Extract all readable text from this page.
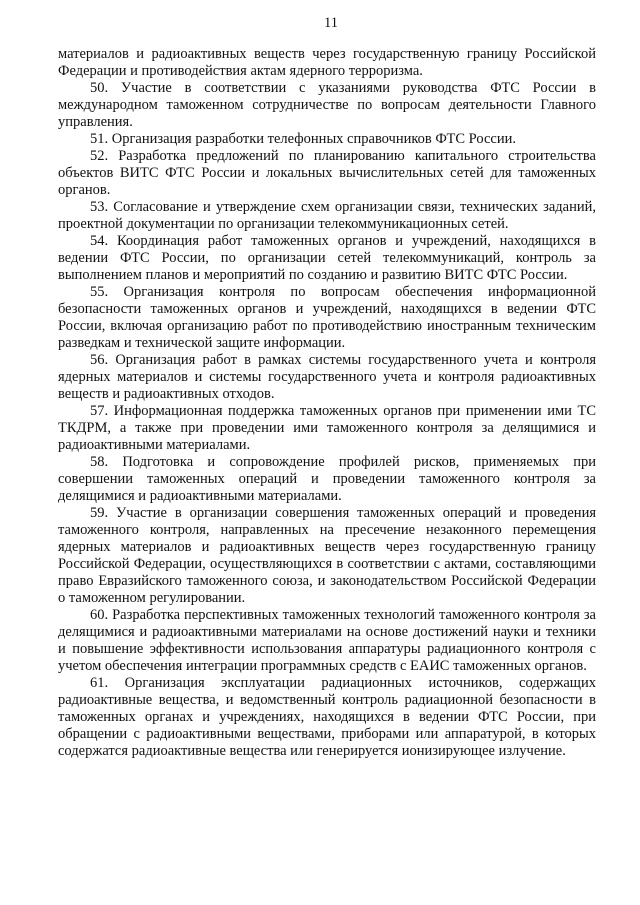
11

материалов и радиоактивных веществ через государственную границу Российской Федерации и противодействия актам ядерного терроризма.

50. Участие в соответствии с указаниями руководства ФТС России в международном таможенном сотрудничестве по вопросам деятельности Главного управления.

51. Организация разработки телефонных справочников ФТС России.

52. Разработка предложений по планированию капитального строительства объектов ВИТС ФТС России и локальных вычислительных сетей для таможенных органов.

53. Согласование и утверждение схем организации связи, технических заданий, проектной документации по организации телекоммуникационных сетей.

54. Координация работ таможенных органов и учреждений, находящихся в ведении ФТС России, по организации сетей телекоммуникаций, контроль за выполнением планов и мероприятий по созданию и развитию ВИТС ФТС России.

55. Организация контроля по вопросам обеспечения информационной безопасности таможенных органов и учреждений, находящихся в ведении ФТС России, включая организацию работ по противодействию иностранным техническим разведкам и технической защите информации.

56. Организация работ в рамках системы государственного учета и контроля ядерных материалов и системы государственного учета и контроля радиоактивных веществ и радиоактивных отходов.

57. Информационная поддержка таможенных органов при применении ими ТС ТКДРМ, а также при проведении ими таможенного контроля за делящимися и радиоактивными материалами.

58. Подготовка и сопровождение профилей рисков, применяемых при совершении таможенных операций и проведении таможенного контроля за делящимися и радиоактивными материалами.

59. Участие в организации совершения таможенных операций и проведения таможенного контроля, направленных на пресечение незаконного перемещения ядерных материалов и радиоактивных веществ через государственную границу Российской Федерации, осуществляющихся в соответствии с актами, составляющими право Евразийского таможенного союза, и законодательством Российской Федерации о таможенном регулировании.

60. Разработка перспективных таможенных технологий таможенного контроля за делящимися и радиоактивными материалами на основе достижений науки и техники и повышение эффективности использования аппаратуры радиационного контроля с учетом обеспечения интеграции программных средств с ЕАИС таможенных органов.

61. Организация эксплуатации радиационных источников, содержащих радиоактивные вещества, и ведомственный контроль радиационной безопасности в таможенных органах и учреждениях, находящихся в ведении ФТС России, при обращении с радиоактивными веществами, приборами или аппаратурой, в которых содержатся радиоактивные вещества или генерируется ионизирующее излучение.
